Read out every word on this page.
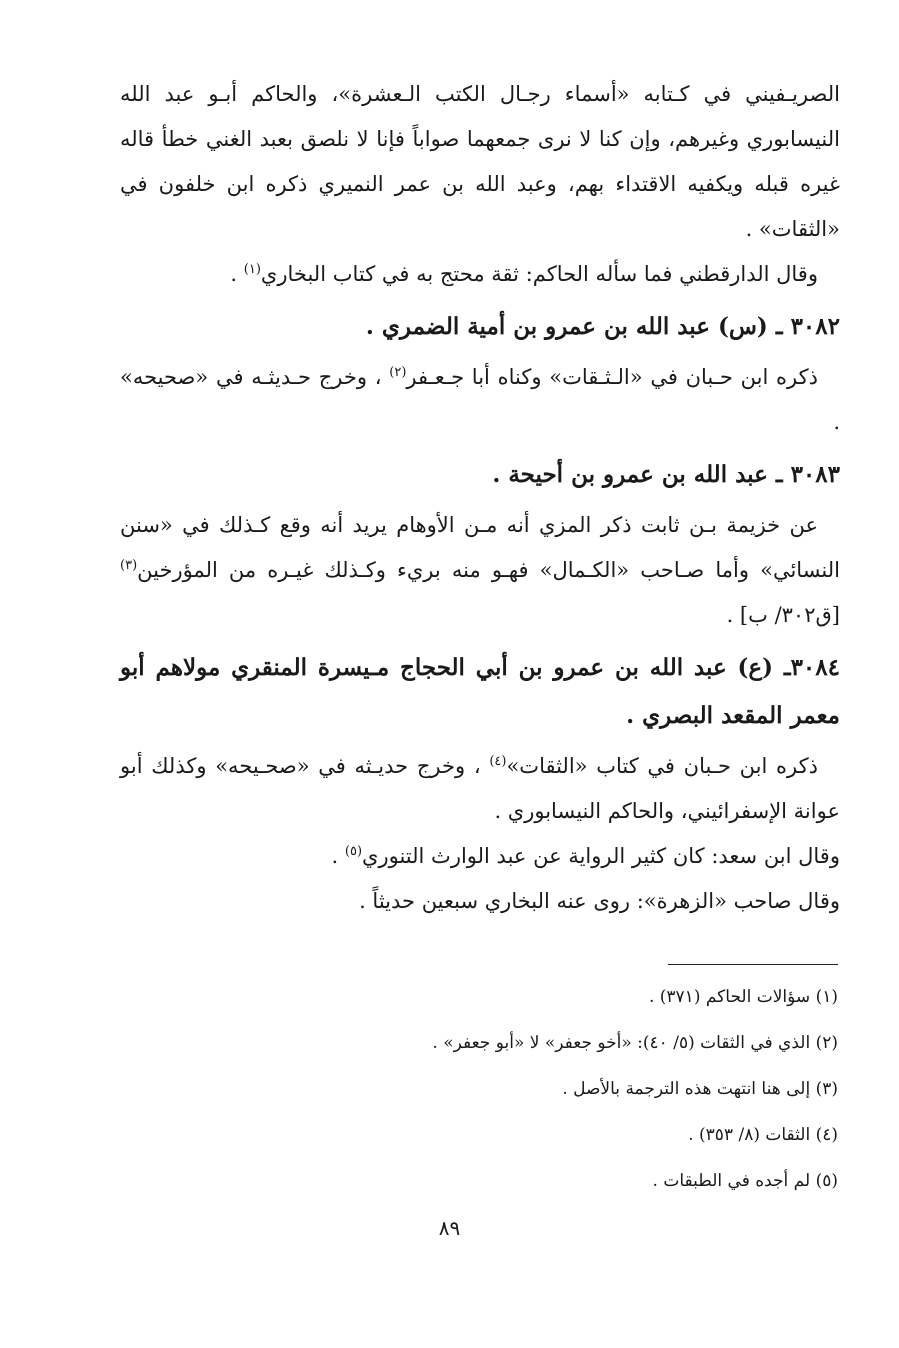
الصريـفيني في كـتابه «أسماء رجـال الكتب الـعشرة»، والحاكم أبـو عبد الله النيسابوري وغيرهم، وإن كنا لا نرى جمعهما صواباً فإنا لا نلصق بعبد الغني خطأ قاله غيره قبله ويكفيه الاقتداء بهم، وعبد الله بن عمر النميري ذكره ابن خلفون في «الثقات» .

وقال الدارقطني فما سأله الحاكم: ثقة محتج به في كتاب البخاري$^{(١)}$ .

٣٠٨٢ ـ (س) عبد الله بن عمرو بن أمية الضمري .

ذكره ابن حـبان في «الـثـقات» وكناه أبا جـعـفر$^{(٢)}$ ، وخرج حـديثـه في «صحيحه» .

٣٠٨٣ ـ عبد الله بن عمرو بن أحيحة .

عن خزيمة بـن ثابت ذكر المزي أنه مـن الأوهام يريد أنه وقع كـذلك في «سنن النسائي» وأما صـاحب «الكـمال» فهـو منه بريء وكـذلك غيـره من المؤرخين$^{(٣)}$ [ق٣٠٢/ ب] .

٣٠٨٤ـ (ع) عبد الله بن عمرو بن أبي الحجاج مـيسرة المنقري مولاهم أبو معمر المقعد البصري .

ذكره ابن حـبان في كتاب «الثقات»$^{(٤)}$ ، وخرج حديـثه في «صحـيحه» وكذلك أبو عوانة الإسفرائيني، والحاكم النيسابوري .

وقال ابن سعد: كان كثير الرواية عن عبد الوارث التنوري$^{(٥)}$ .

وقال صاحب «الزهرة»: روى عنه البخاري سبعين حديثاً .

(١) سؤالات الحاكم (٣٧١) .
(٢) الذي في الثقات (٥/ ٤٠): «أخو جعفر» لا «أبو جعفر» .
(٣) إلى هنا انتهت هذه الترجمة بالأصل .
(٤) الثقات (٨/ ٣٥٣) .
(٥) لم أجده في الطبقات .
٨٩
